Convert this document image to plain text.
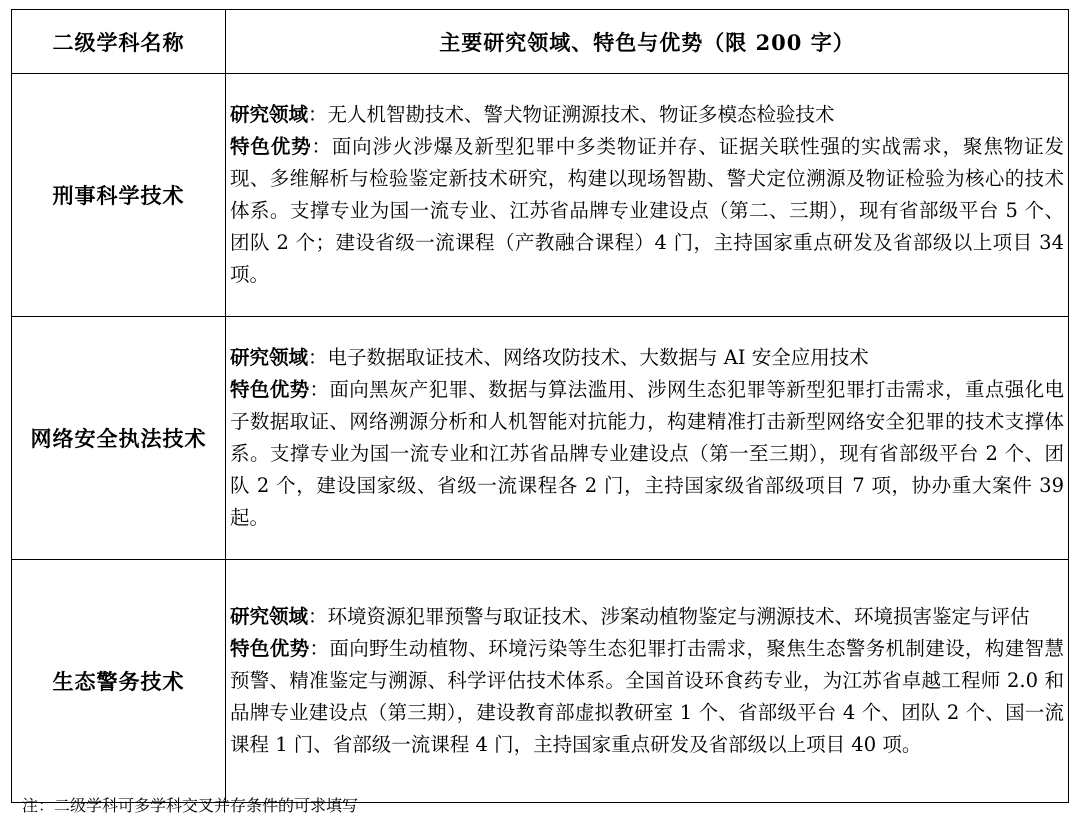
二级学科名称	主要研究领域、特色与优势（限 200 字）
刑事科学技术	研究领域：无人机智勘技术、警犬物证溯源技术、物证多模态检验技术

特色优势：面向涉火涉爆及新型犯罪中多类物证并存、证据关联性强的实战需求，聚焦物证发现、多维解析与检验鉴定新技术研究，构建以现场智勘、警犬定位溯源及物证检验为核心的技术体系。支撑专业为国一流专业、江苏省品牌专业建设点（第二、三期），现有省部级平台 5 个、团队 2 个；建设省级一流课程（产教融合课程）4 门，主持国家重点研发及省部级以上项目 34 项。

网络安全执法技术	研究领域：电子数据取证技术、网络攻防技术、大数据与 AI 安全应用技术

特色优势：面向黑灰产犯罪、数据与算法滥用、涉网生态犯罪等新型犯罪打击需求，重点强化电子数据取证、网络溯源分析和人机智能对抗能力，构建精准打击新型网络安全犯罪的技术支撑体系。支撑专业为国一流专业和江苏省品牌专业建设点（第一至三期），现有省部级平台 2 个、团队 2 个，建设国家级、省级一流课程各 2 门，主持国家级省部级项目 7 项，协办重大案件 39 起。

生态警务技术	研究领域：环境资源犯罪预警与取证技术、涉案动植物鉴定与溯源技术、环境损害鉴定与评估

特色优势：面向野生动植物、环境污染等生态犯罪打击需求，聚焦生态警务机制建设，构建智慧预警、精准鉴定与溯源、科学评估技术体系。全国首设环食药专业，为江苏省卓越工程师 2.0 和品牌专业建设点（第三期），建设教育部虚拟教研室 1 个、省部级平台 4 个、团队 2 个、国一流课程 1 门、省部级一流课程 4 门，主持国家重点研发及省部级以上项目 40 项。

注：二级学科可多学科交叉并存条件的可求填写
